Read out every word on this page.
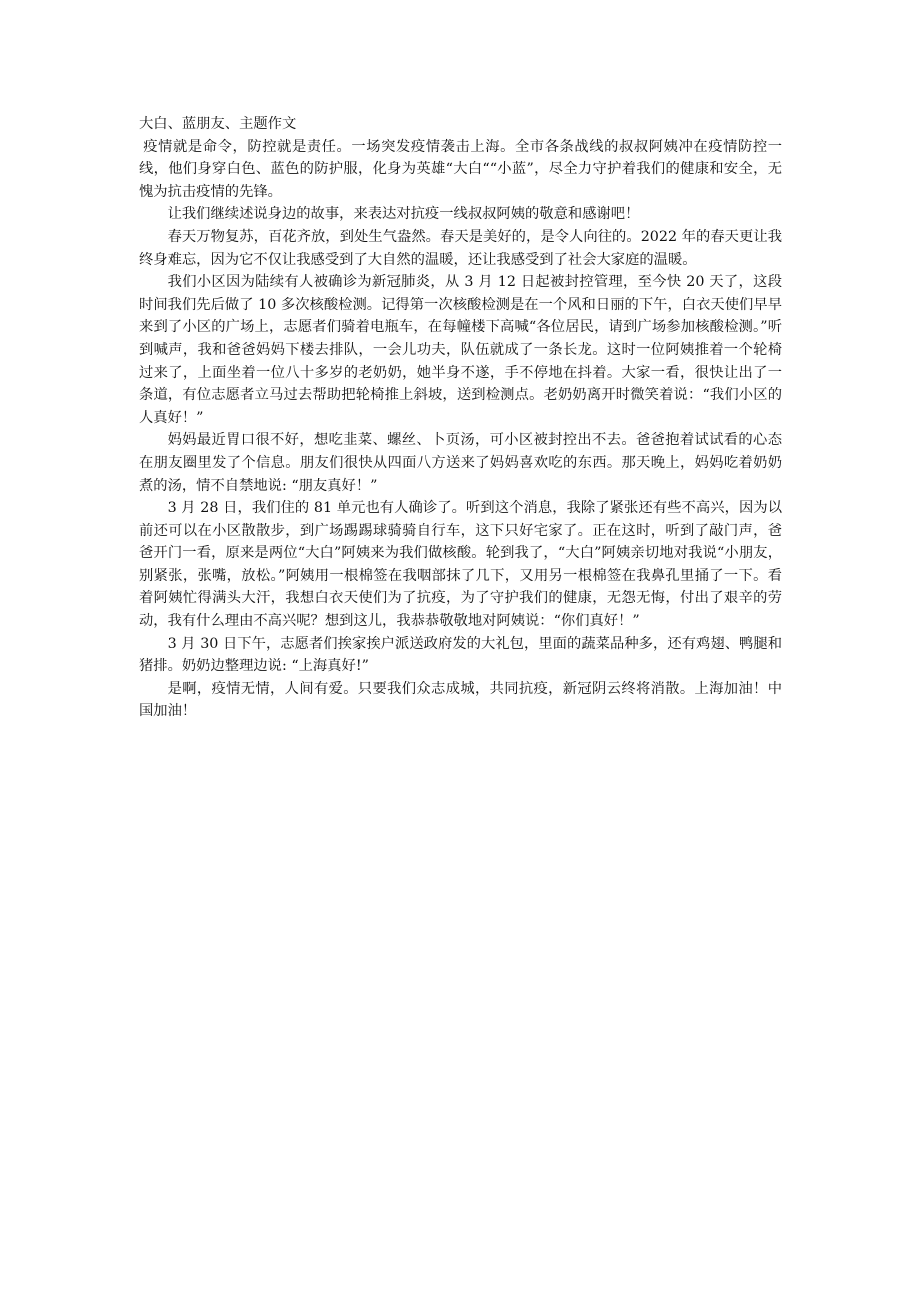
大白、蓝朋友、主题作文

疫情就是命令，防控就是责任。一场突发疫情袭击上海。全市各条战线的叔叔阿姨冲在疫情防控一线，他们身穿白色、蓝色的防护服，化身为英雄“大白““小蓝”，尽全力守护着我们的健康和安全，无愧为抗击疫情的先锋。

让我们继续述说身边的故事，来表达对抗疫一线叔叔阿姨的敬意和感谢吧！

春天万物复苏，百花齐放，到处生气盎然。春天是美好的，是令人向往的。2022 年的春天更让我终身难忘，因为它不仅让我感受到了大自然的温暖，还让我感受到了社会大家庭的温暖。

我们小区因为陆续有人被确诊为新冠肺炎，从 3 月 12 日起被封控管理，至今快 20 天了，这段时间我们先后做了 10 多次核酸检测。记得第一次核酸检测是在一个风和日丽的下午，白衣天使们早早来到了小区的广场上，志愿者们骑着电瓶车，在每幢楼下高喊“各位居民，请到广场参加核酸检测。”听到喊声，我和爸爸妈妈下楼去排队，一会儿功夫，队伍就成了一条长龙。这时一位阿姨推着一个轮椅过来了，上面坐着一位八十多岁的老奶奶，她半身不遂，手不停地在抖着。大家一看，很快让出了一条道，有位志愿者立马过去帮助把轮椅推上斜坡，送到检测点。老奶奶离开时微笑着说：“我们小区的人真好！”

妈妈最近胃口很不好，想吃韭菜、螺丝、卜页汤，可小区被封控出不去。爸爸抱着试试看的心态在朋友圈里发了个信息。朋友们很快从四面八方送来了妈妈喜欢吃的东西。那天晚上，妈妈吃着奶奶煮的汤，情不自禁地说: “朋友真好！”

3 月 28 日，我们住的 81 单元也有人确诊了。听到这个消息，我除了紧张还有些不高兴，因为以前还可以在小区散散步，到广场踢踢球骑骑自行车，这下只好宅家了。正在这时，听到了敲门声，爸爸开门一看，原来是两位“大白”阿姨来为我们做核酸。轮到我了，“大白”阿姨亲切地对我说“小朋友，别紧张，张嘴，放松。”阿姨用一根棉签在我咽部抹了几下，又用另一根棉签在我鼻孔里捅了一下。看着阿姨忙得满头大汗，我想白衣天使们为了抗疫，为了守护我们的健康，无怨无悔，付出了艰辛的劳动，我有什么理由不高兴呢？想到这儿，我恭恭敬敬地对阿姨说：“你们真好！”

3 月 30 日下午，志愿者们挨家挨户派送政府发的大礼包，里面的蔬菜品种多，还有鸡翅、鸭腿和猪排。奶奶边整理边说: “上海真好!”

是啊，疫情无情，人间有爱。只要我们众志成城，共同抗疫，新冠阴云终将消散。上海加油！中国加油！
